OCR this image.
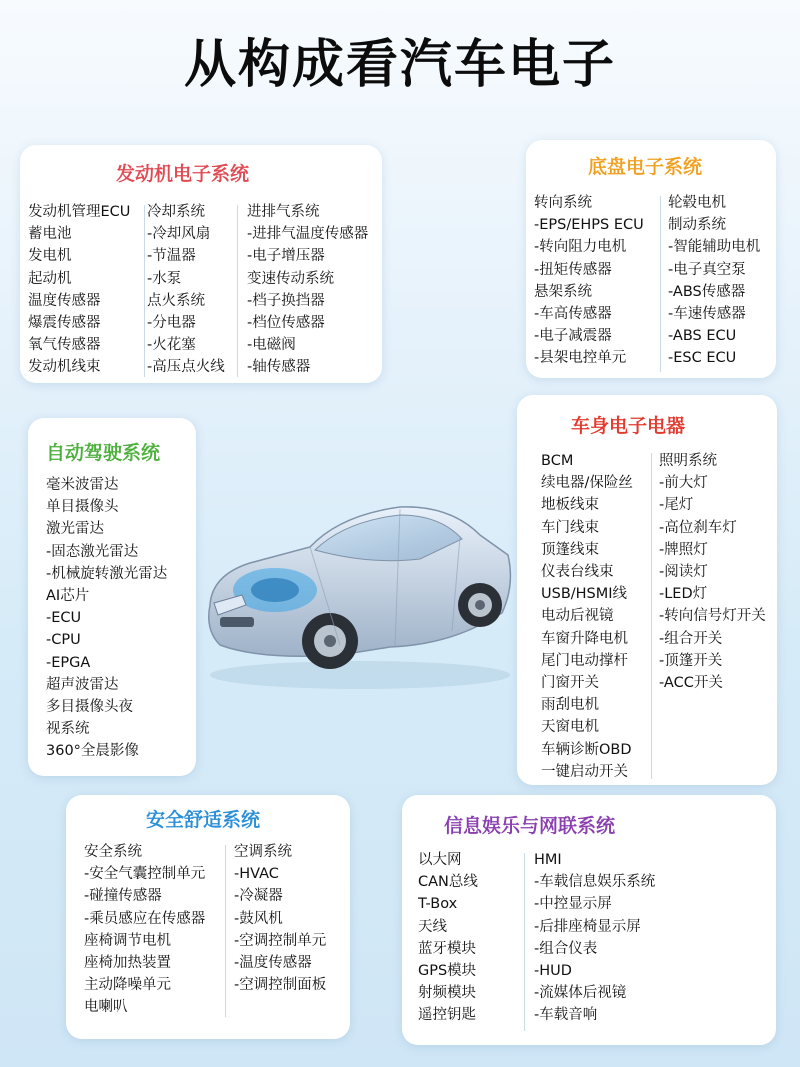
从构成看汽车电子
发动机电子系统
发动机管理ECU
蓄电池
发电机
起动机
温度传感器
爆震传感器
氧气传感器
发动机线束
冷却系统
-冷却风扇
-节温器
-水泵
点火系统
-分电器
-火花塞
-高压点火线
进排气系统
-进排气温度传感器
-电子增压器
变速传动系统
-档子换挡器
-档位传感器
-电磁阀
-轴传感器
底盘电子系统
转向系统
-EPS/EHPS ECU
-转向阻力电机
-扭矩传感器
悬架系统
-车高传感器
-电子减震器
-县架电控单元
轮毂电机
制动系统
-智能辅助电机
-电子真空泵
-ABS传感器
-车速传感器
-ABS ECU
-ESC ECU
车身电子电器
BCM
续电器/保险丝
地板线束
车门线束
顶篷线束
仪表台线束
USB/HSMI线
电动后视镜
车窗升降电机
尾门电动撑杆
门窗开关
雨刮电机
天窗电机
车辆诊断OBD
一键启动开关
照明系统
-前大灯
-尾灯
-高位刹车灯
-牌照灯
-阅读灯
-LED灯
-转向信号灯开关
-组合开关
-顶篷开关
-ACC开关
自动驾驶系统
毫米波雷达
单目摄像头
激光雷达
-固态激光雷达
-机械旋转激光雷达
AI芯片
-ECU
-CPU
-EPGA
超声波雷达
多目摄像头夜
视系统
360°全晨影像
安全舒适系统
安全系统
-安全气囊控制单元
-碰撞传感器
-乘员感应在传感器
座椅调节电机
座椅加热装置
主动降噪单元
电喇叭
空调系统
-HVAC
-冷凝器
-鼓风机
-空调控制单元
-温度传感器
-空调控制面板
信息娱乐与网联系统
以大网
CAN总线
T-Box
天线
蓝牙模块
GPS模块
射频模块
遥控钥匙
HMI
-车载信息娱乐系统
-中控显示屏
-后排座椅显示屏
-组合仪表
-HUD
-流媒体后视镜
-车载音响
